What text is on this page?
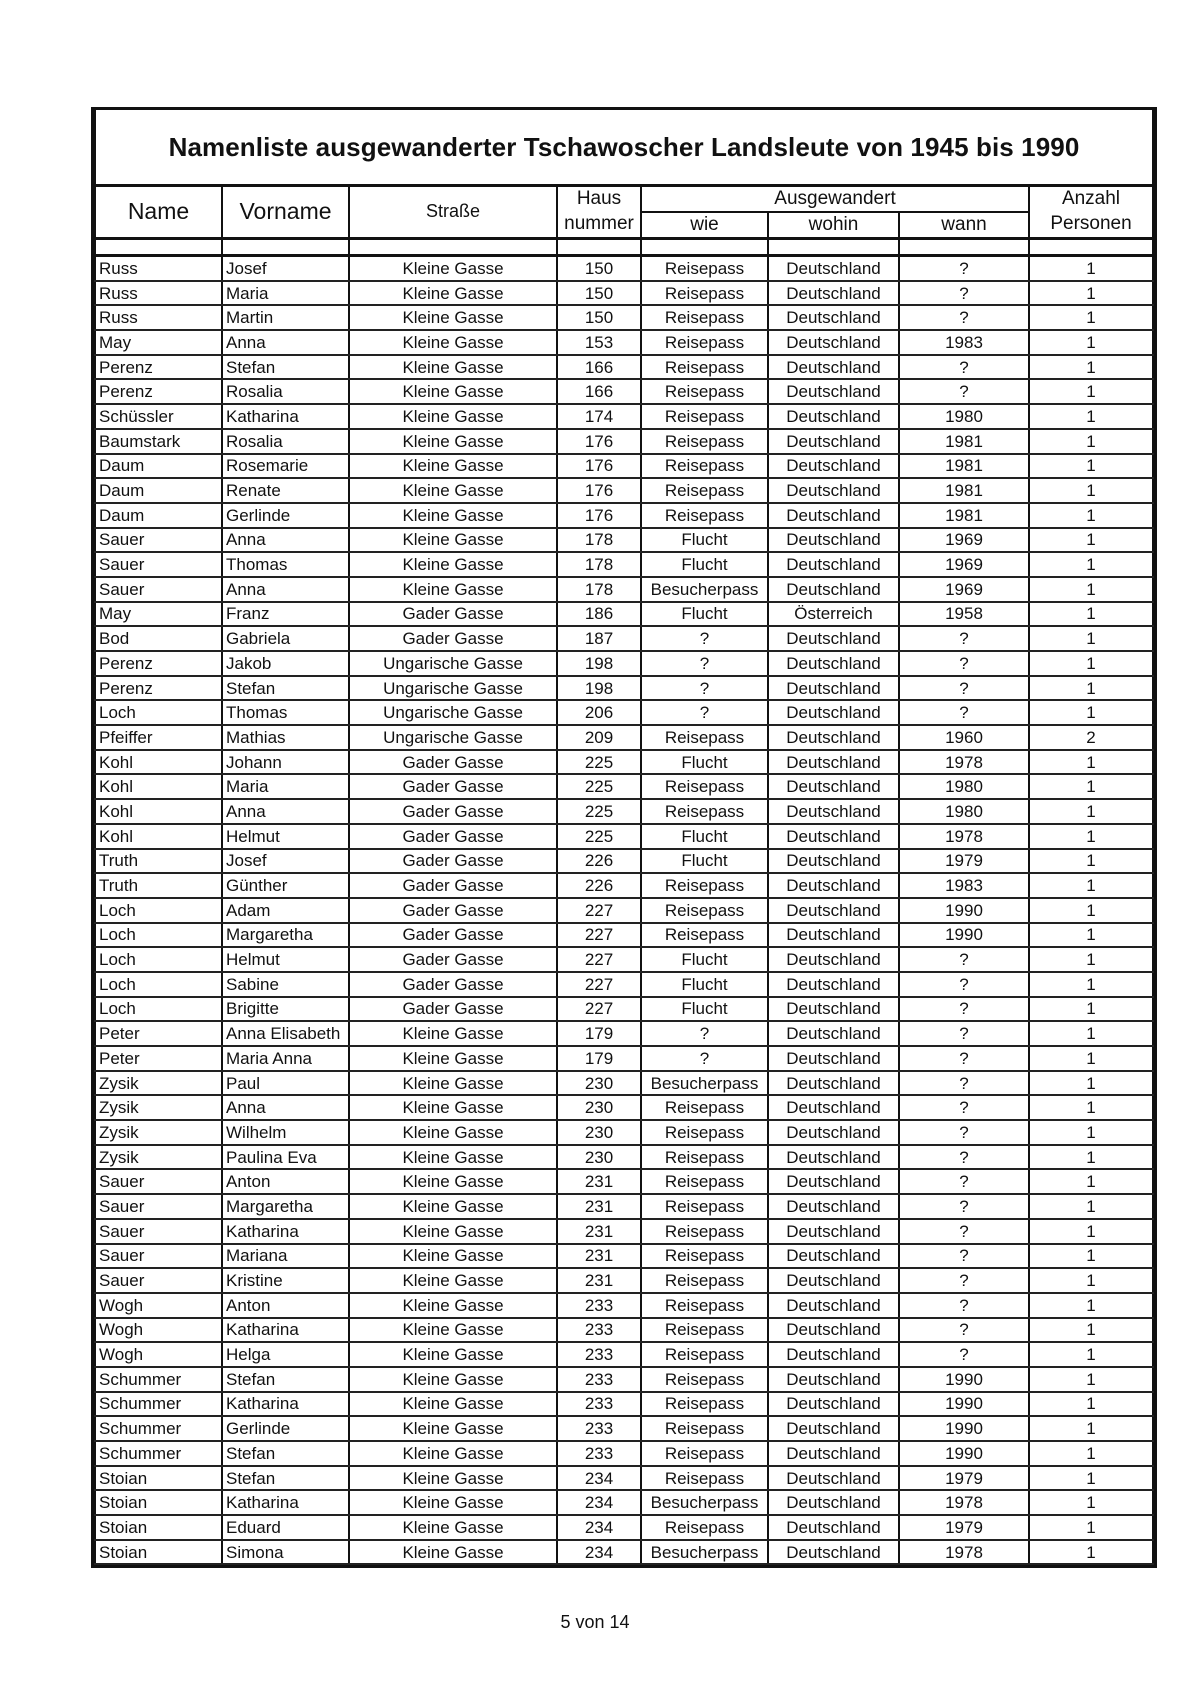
Namenliste ausgewanderter Tschawoscher Landsleute von 1945 bis 1990							
Name	Vorname	Straße	Haus	Ausgewandert			Anzahl
			nummer	wie	wohin	wann	Personen

Russ	Josef	Kleine Gasse	150	Reisepass	Deutschland	?	1
Russ	Maria	Kleine Gasse	150	Reisepass	Deutschland	?	1
Russ	Martin	Kleine Gasse	150	Reisepass	Deutschland	?	1
May	Anna	Kleine Gasse	153	Reisepass	Deutschland	1983	1
Perenz	Stefan	Kleine Gasse	166	Reisepass	Deutschland	?	1
Perenz	Rosalia	Kleine Gasse	166	Reisepass	Deutschland	?	1
Schüssler	Katharina	Kleine Gasse	174	Reisepass	Deutschland	1980	1
Baumstark	Rosalia	Kleine Gasse	176	Reisepass	Deutschland	1981	1
Daum	Rosemarie	Kleine Gasse	176	Reisepass	Deutschland	1981	1
Daum	Renate	Kleine Gasse	176	Reisepass	Deutschland	1981	1
Daum	Gerlinde	Kleine Gasse	176	Reisepass	Deutschland	1981	1
Sauer	Anna	Kleine Gasse	178	Flucht	Deutschland	1969	1
Sauer	Thomas	Kleine Gasse	178	Flucht	Deutschland	1969	1
Sauer	Anna	Kleine Gasse	178	Besucherpass	Deutschland	1969	1
May	Franz	Gader Gasse	186	Flucht	Österreich	1958	1
Bod	Gabriela	Gader Gasse	187	?	Deutschland	?	1
Perenz	Jakob	Ungarische Gasse	198	?	Deutschland	?	1
Perenz	Stefan	Ungarische Gasse	198	?	Deutschland	?	1
Loch	Thomas	Ungarische Gasse	206	?	Deutschland	?	1
Pfeiffer	Mathias	Ungarische Gasse	209	Reisepass	Deutschland	1960	2
Kohl	Johann	Gader Gasse	225	Flucht	Deutschland	1978	1
Kohl	Maria	Gader Gasse	225	Reisepass	Deutschland	1980	1
Kohl	Anna	Gader Gasse	225	Reisepass	Deutschland	1980	1
Kohl	Helmut	Gader Gasse	225	Flucht	Deutschland	1978	1
Truth	Josef	Gader Gasse	226	Flucht	Deutschland	1979	1
Truth	Günther	Gader Gasse	226	Reisepass	Deutschland	1983	1
Loch	Adam	Gader Gasse	227	Reisepass	Deutschland	1990	1
Loch	Margaretha	Gader Gasse	227	Reisepass	Deutschland	1990	1
Loch	Helmut	Gader Gasse	227	Flucht	Deutschland	?	1
Loch	Sabine	Gader Gasse	227	Flucht	Deutschland	?	1
Loch	Brigitte	Gader Gasse	227	Flucht	Deutschland	?	1
Peter	Anna Elisabeth	Kleine Gasse	179	?	Deutschland	?	1
Peter	Maria Anna	Kleine Gasse	179	?	Deutschland	?	1
Zysik	Paul	Kleine Gasse	230	Besucherpass	Deutschland	?	1
Zysik	Anna	Kleine Gasse	230	Reisepass	Deutschland	?	1
Zysik	Wilhelm	Kleine Gasse	230	Reisepass	Deutschland	?	1
Zysik	Paulina Eva	Kleine Gasse	230	Reisepass	Deutschland	?	1
Sauer	Anton	Kleine Gasse	231	Reisepass	Deutschland	?	1
Sauer	Margaretha	Kleine Gasse	231	Reisepass	Deutschland	?	1
Sauer	Katharina	Kleine Gasse	231	Reisepass	Deutschland	?	1
Sauer	Mariana	Kleine Gasse	231	Reisepass	Deutschland	?	1
Sauer	Kristine	Kleine Gasse	231	Reisepass	Deutschland	?	1
Wogh	Anton	Kleine Gasse	233	Reisepass	Deutschland	?	1
Wogh	Katharina	Kleine Gasse	233	Reisepass	Deutschland	?	1
Wogh	Helga	Kleine Gasse	233	Reisepass	Deutschland	?	1
Schummer	Stefan	Kleine Gasse	233	Reisepass	Deutschland	1990	1
Schummer	Katharina	Kleine Gasse	233	Reisepass	Deutschland	1990	1
Schummer	Gerlinde	Kleine Gasse	233	Reisepass	Deutschland	1990	1
Schummer	Stefan	Kleine Gasse	233	Reisepass	Deutschland	1990	1
Stoian	Stefan	Kleine Gasse	234	Reisepass	Deutschland	1979	1
Stoian	Katharina	Kleine Gasse	234	Besucherpass	Deutschland	1978	1
Stoian	Eduard	Kleine Gasse	234	Reisepass	Deutschland	1979	1
Stoian	Simona	Kleine Gasse	234	Besucherpass	Deutschland	1978	1
5 von 14
